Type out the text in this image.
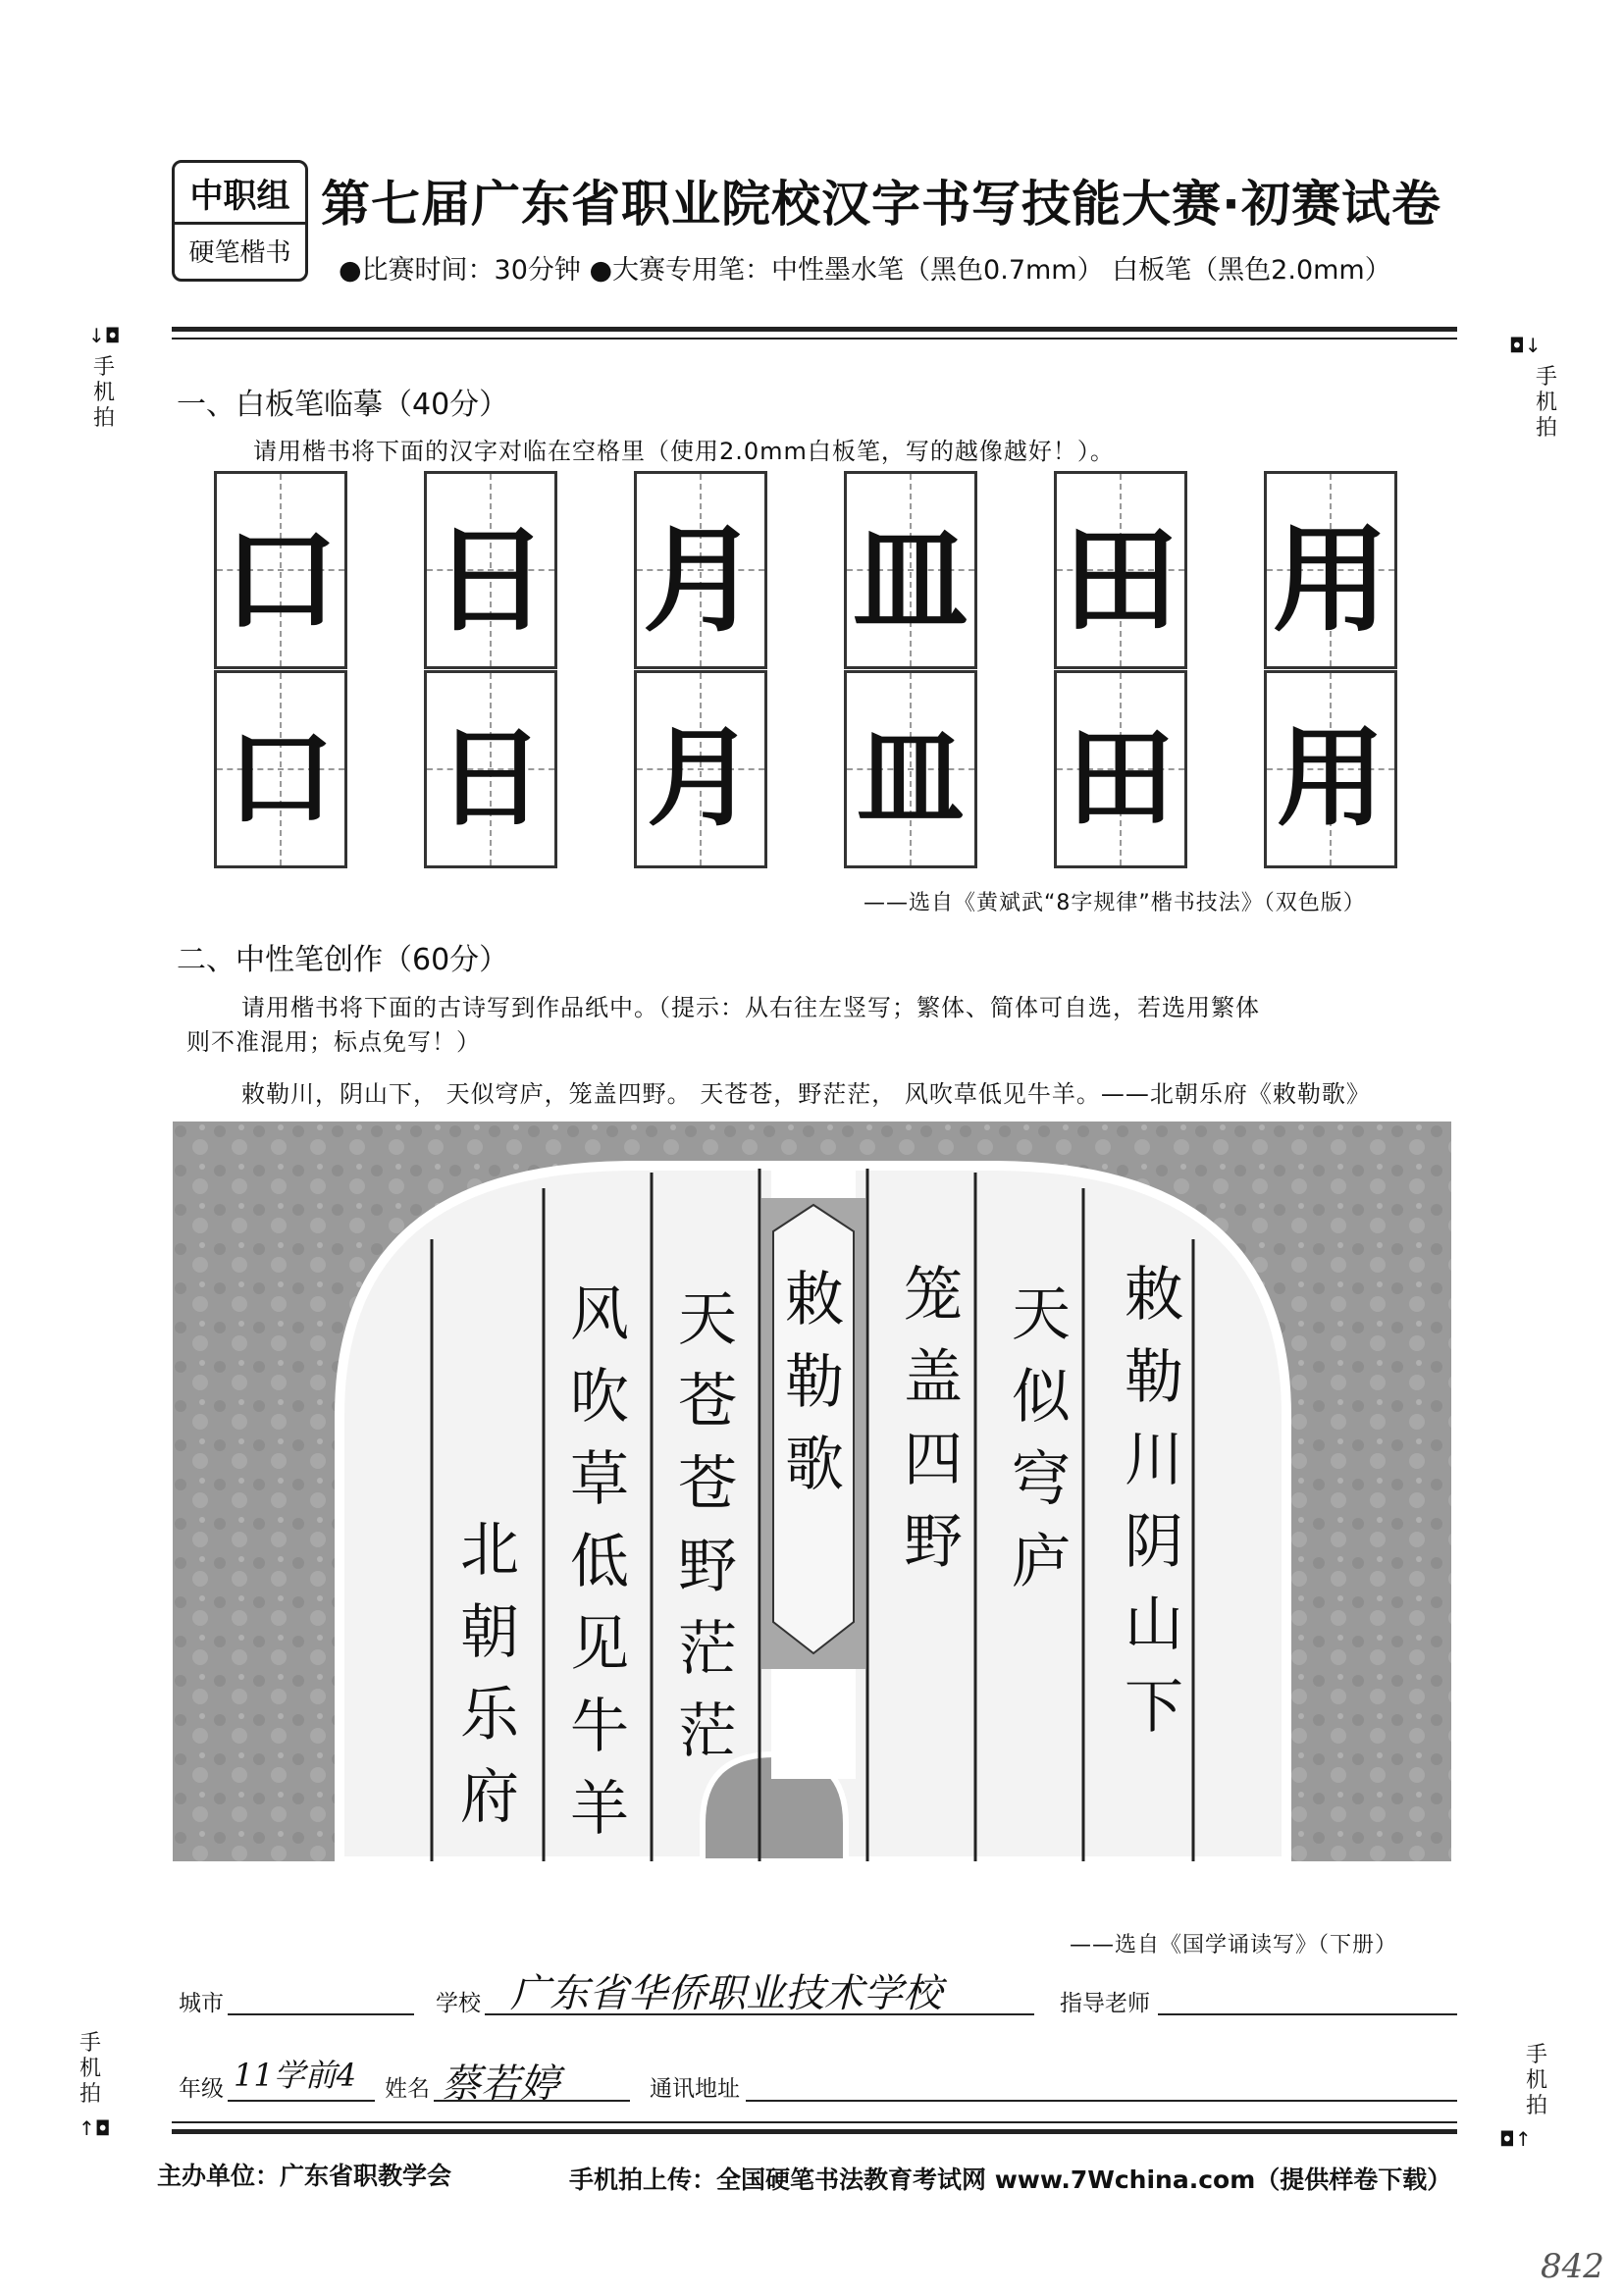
中职组
硬笔楷书
第七届广东省职业院校汉字书写技能大赛·初赛试卷
●比赛时间：30分钟 ●大赛专用笔：中性墨水笔（黑色0.7mm） 白板笔（黑色2.0mm）
↓◘
手
机
拍
◘↓
手
机
拍
一、白板笔临摹（40分）
请用楷书将下面的汉字对临在空格里（使用2.0mm白板笔，写的越像越好！）。
口 日 月 皿 田 用
口 日 月 皿 田 用
——选自《黄斌武“8字规律”楷书技法》（双色版）
二、中性笔创作（60分）
请用楷书将下面的古诗写到作品纸中。（提示：从右往左竖写；繁体、简体可自选，若选用繁体
则不准混用；标点免写！）
敕勒川，阴山下， 天似穹庐，笼盖四野。 天苍苍，野茫茫， 风吹草低见牛羊。——北朝乐府《敕勒歌》
敕
勒
川
阴
山
下
天
似
穹
庐
笼
盖
四
野
敕
勒
歌
天
苍
苍
野
茫
茫
风
吹
草
低
见
牛
羊
北
朝
乐
府
——选自《国学诵读写》（下册）
城市	学校 广东省华侨职业技术学校	指导老师
年级 11学前4 姓名 蔡若婷	通讯地址
手
机
拍
↑◘
手
机
拍
◘↑
主办单位：广东省职教学会	手机拍上传：全国硬笔书法教育考试网 www.7Wchina.com（提供样卷下载）
842
